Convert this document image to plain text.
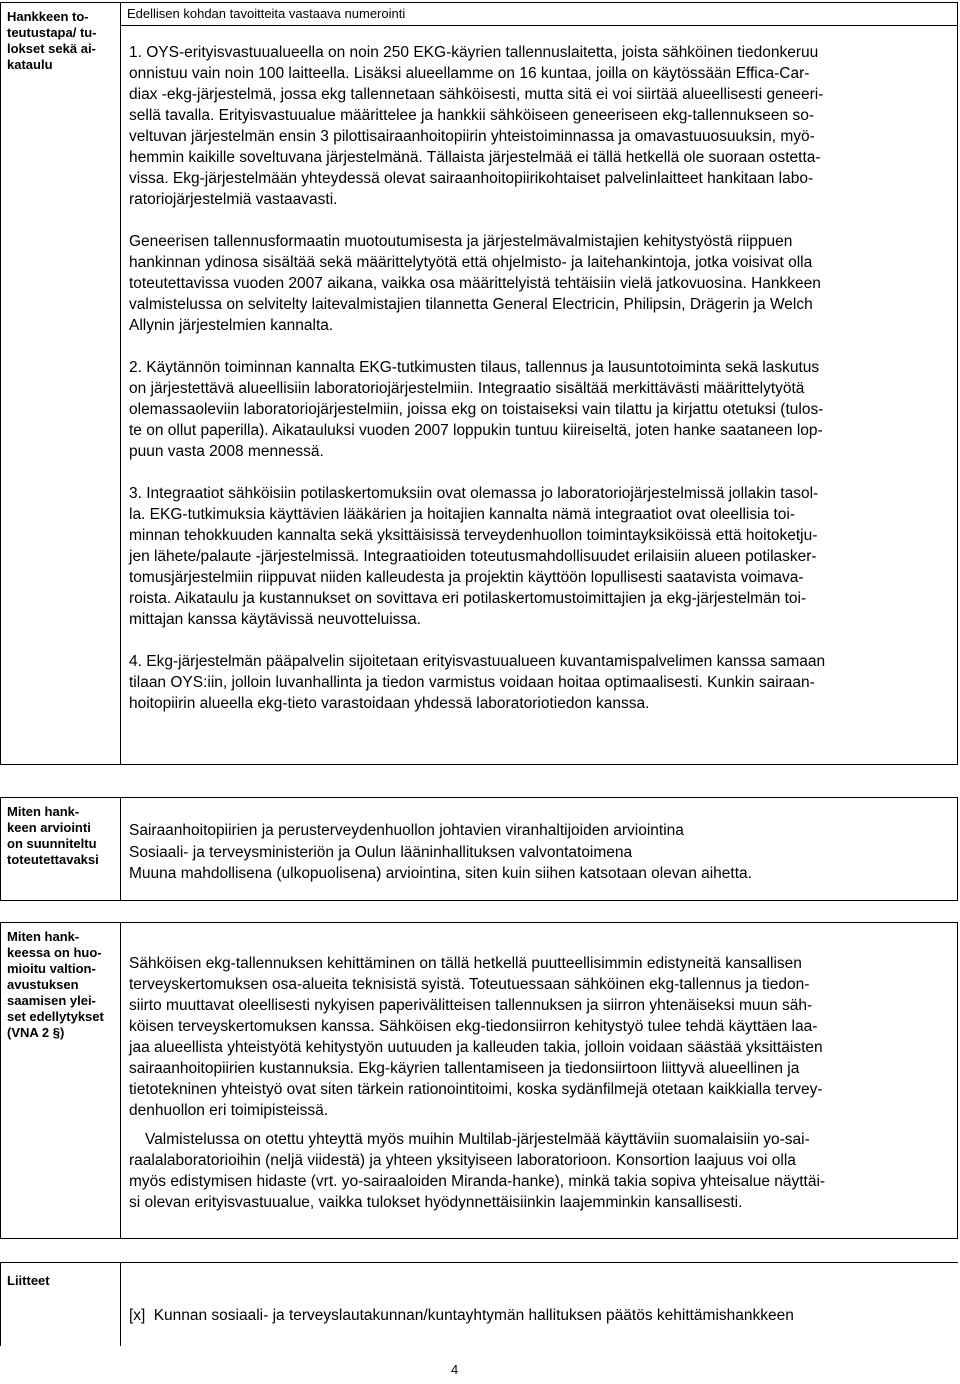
Hankkeen to-
teutustapa/ tu-
lokset sekä ai-
kataulu
Edellisen kohdan tavoitteita vastaava numerointi

1. OYS-erityisvastuualueella on noin 250 EKG-käyrien tallennuslaitetta, joista sähköinen tiedonkeruu
onnistuu vain noin 100 laitteella. Lisäksi alueellamme on 16 kuntaa, joilla on käytössään Effica-Car-
diax -ekg-järjestelmä, jossa ekg tallennetaan sähköisesti, mutta sitä ei voi siirtää alueellisesti geneeri-
sellä tavalla. Erityisvastuualue määrittelee ja hankkii sähköiseen geneeriseen ekg-tallennukseen so-
veltuvan järjestelmän ensin 3 pilottisairaanhoitopiirin yhteistoiminnassa ja omavastuuosuuksin, myö-
hemmin kaikille soveltuvana järjestelmänä. Tällaista järjestelmää ei tällä hetkellä ole suoraan ostetta-
vissa. Ekg-järjestelmään yhteydessä olevat sairaanhoitopiirikohtaiset palvelinlaitteet hankitaan labo-
ratoriojärjestelmiä vastaavasti.

Geneerisen tallennusformaatin muotoutumisesta ja järjestelmävalmistajien kehitystyöstä riippuen
hankinnan ydinosa sisältää sekä määrittelytyötä että ohjelmisto- ja laitehankintoja, jotka voisivat olla
toteutettavissa vuoden 2007 aikana, vaikka osa määrittelyistä tehtäisiin vielä jatkovuosina. Hankkeen
valmistelussa on selvitelty laitevalmistajien tilannetta General Electricin, Philipsin, Drägerin ja Welch
Allynin järjestelmien kannalta.

2. Käytännön toiminnan kannalta EKG-tutkimusten tilaus, tallennus ja lausuntotoiminta sekä laskutus
on järjestettävä alueellisiin laboratoriojärjestelmiin. Integraatio sisältää merkittävästi määrittelytyötä
olemassaoleviin laboratoriojärjestelmiin, joissa ekg on toistaiseksi vain tilattu ja kirjattu otetuksi (tulos-
te on ollut paperilla). Aikatauluksi vuoden 2007 loppukin tuntuu kiireiseltä, joten hanke saataneen lop-
puun vasta 2008 mennessä.

3. Integraatiot sähköisiin potilaskertomuksiin ovat olemassa jo laboratoriojärjestelmissä jollakin tasol-
la. EKG-tutkimuksia käyttävien lääkärien ja hoitajien kannalta nämä integraatiot ovat oleellisia toi-
minnan tehokkuuden kannalta sekä yksittäisissä terveydenhuollon toimintayksiköissä että hoitoketju-
jen lähete/palaute -järjestelmissä. Integraatioiden toteutusmahdollisuudet erilaisiin alueen potilasker-
tomusjärjestelmiin riippuvat niiden kalleudesta ja projektin käyttöön lopullisesti saatavista voimava-
roista. Aikataulu ja kustannukset on sovittava eri potilaskertomustoimittajien ja ekg-järjestelmän toi-
mittajan kanssa käytävissä neuvotteluissa.

4. Ekg-järjestelmän pääpalvelin sijoitetaan erityisvastuualueen kuvantamispalvelimen kanssa samaan
tilaan OYS:iin, jolloin luvanhallinta ja tiedon varmistus voidaan hoitaa optimaalisesti. Kunkin sairaan-
hoitopiirin alueella ekg-tieto varastoidaan yhdessä laboratoriotiedon kanssa.

Miten hank-
keen arviointi
on suunniteltu
toteutettavaksi

Sairaanhoitopiirien ja perusterveydenhuollon johtavien viranhaltijoiden arviointina

Sosiaali- ja terveysministeriön ja Oulun lääninhallituksen valvontatoimena

Muuna mahdollisena (ulkopuolisena) arviointina, siten kuin siihen katsotaan olevan aihetta.

Miten hank-
keessa on huo-
mioitu valtion-
avustuksen
saamisen ylei-
set edellytykset
(VNA 2 §)

Sähköisen ekg-tallennuksen kehittäminen on tällä hetkellä puutteellisimmin edistyneitä kansallisen
terveyskertomuksen osa-alueita teknisistä syistä. Toteutuessaan sähköinen ekg-tallennus ja tiedon-
siirto muuttavat oleellisesti nykyisen paperivälitteisen tallennuksen ja siirron yhtenäiseksi muun säh-
köisen terveyskertomuksen kanssa. Sähköisen ekg-tiedonsiirron kehitystyö tulee tehdä käyttäen laa-
jaa alueellista yhteistyötä kehitystyön uutuuden ja kalleuden takia, jolloin voidaan säästää yksittäisten
sairaanhoitopiirien kustannuksia. Ekg-käyrien tallentamiseen ja tiedonsiirtoon liittyvä alueellinen ja
tietotekninen yhteistyö ovat siten tärkein rationointitoimi, koska sydänfilmejä otetaan kaikkialla tervey-
denhuollon eri toimipisteissä.

Valmistelussa on otettu yhteyttä myös muihin Multilab-järjestelmää käyttäviin suomalaisiin yo-sai-
raalalaboratorioihin (neljä viidestä) ja yhteen yksityiseen laboratorioon. Konsortion laajuus voi olla
myös edistymisen hidaste (vrt. yo-sairaaloiden Miranda-hanke), minkä takia sopiva yhteisalue näyttäi-
si olevan erityisvastuualue, vaikka tulokset hyödynnettäisiinkin laajemminkin kansallisesti.

Liitteet
[x] Kunnan sosiaali- ja terveyslautakunnan/kuntayhtymän hallituksen päätös kehittämishankkeen
4
